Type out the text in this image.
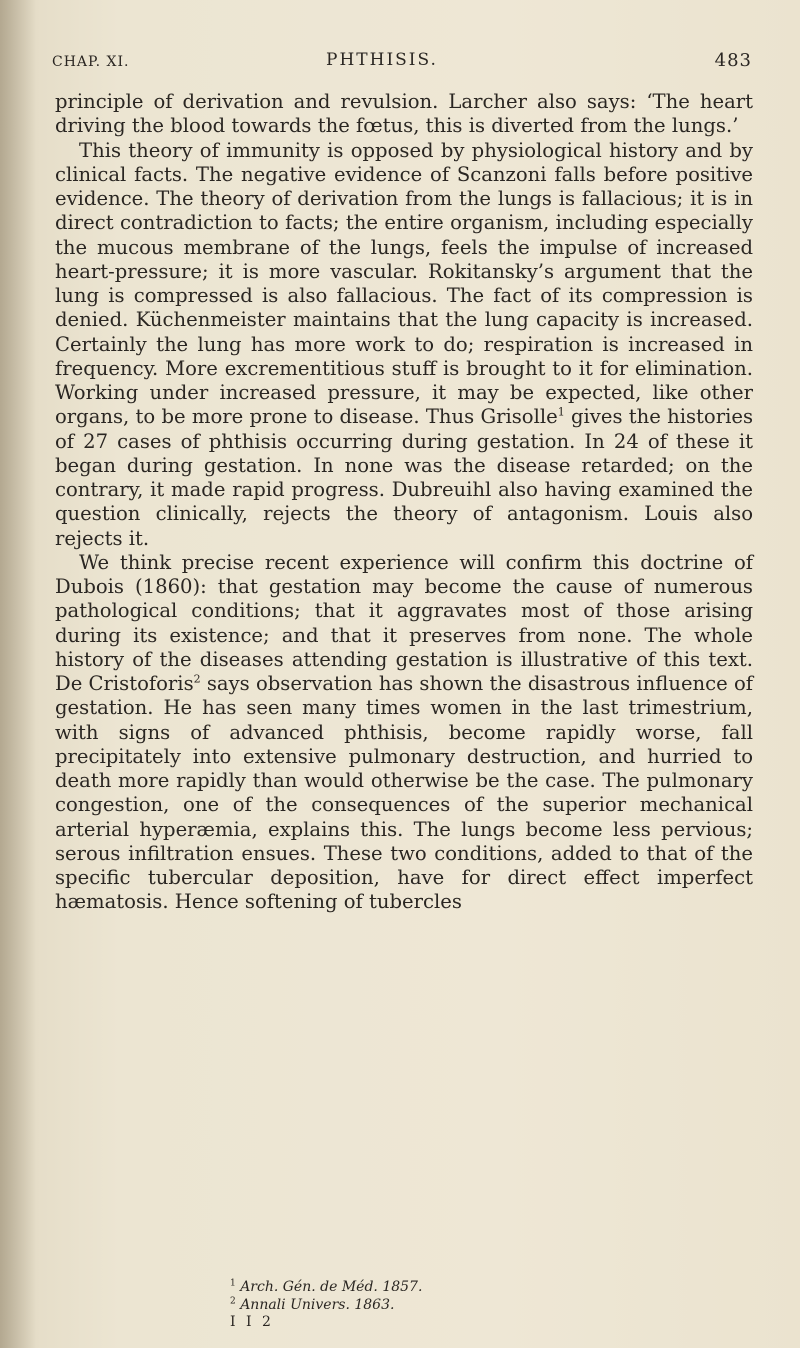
CHAP. XI.	PHTHISIS.	483

principle of derivation and revulsion. Larcher also says: ‘The heart driving the blood towards the fœtus, this is diverted from the lungs.’

This theory of immunity is opposed by physiological history and by clinical facts. The negative evidence of Scanzoni falls before positive evidence. The theory of derivation from the lungs is fallacious; it is in direct contradiction to facts; the entire organism, including especially the mucous membrane of the lungs, feels the impulse of increased heart-pressure; it is more vascular. Rokitansky’s argument that the lung is compressed is also fallacious. The fact of its compression is denied. Küchenmeister maintains that the lung capacity is increased. Certainly the lung has more work to do; respiration is increased in frequency. More excrementitious stuff is brought to it for elimination. Working under increased pressure, it may be expected, like other organs, to be more prone to disease. Thus Grisolle$^1$ gives the histories of 27 cases of phthisis occurring during gestation. In 24 of these it began during gestation. In none was the disease retarded; on the contrary, it made rapid progress. Dubreuihl also having examined the question clinically, rejects the theory of antagonism. Louis also rejects it.

We think precise recent experience will confirm this doctrine of Dubois (1860): that gestation may become the cause of numerous pathological conditions; that it aggravates most of those arising during its existence; and that it preserves from none. The whole history of the diseases attending gestation is illustrative of this text. De Cristoforis$^2$ says observation has shown the disastrous influence of gestation. He has seen many times women in the last trimestrium, with signs of advanced phthisis, become rapidly worse, fall precipitately into extensive pulmonary destruction, and hurried to death more rapidly than would otherwise be the case. The pulmonary congestion, one of the consequences of the superior mechanical arterial hyperæmia, explains this. The lungs become less pervious; serous infiltration ensues. These two conditions, added to that of the specific tubercular deposition, have for direct effect imperfect hæmatosis. Hence softening of tubercles

$^1$ Arch. Gén. de Méd. 1857.
$^2$ Annali Univers. 1863.
I I 2
